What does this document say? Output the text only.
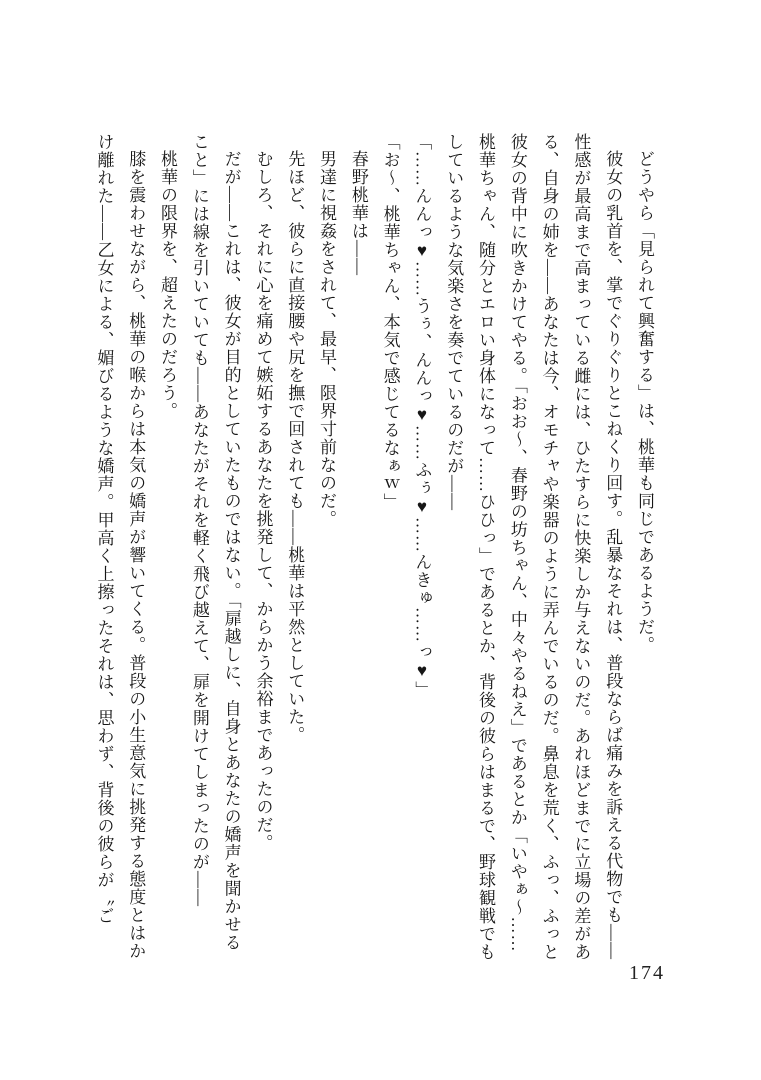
どうやら「見られて興奮する」は、桃華も同じであるようだ。

彼女の乳首を、掌でぐりぐりとこねくり回す。乱暴なそれは、普段ならば痛みを訴える代物でも——性感が最高まで高まっている雌には、ひたすらに快楽しか与えないのだ。あれほどまでに立場の差がある、自身の姉を——あなたは今、オモチャや楽器のように弄んでいるのだ。鼻息を荒く、ふっ、ふっと彼女の背中に吹きかけてやる。「おお〜、春野の坊ちゃん、中々やるねえ」であるとか「いやぁ〜……桃華ちゃん、随分とエロい身体になって……ひひっ」であるとか、背後の彼らはまるで、野球観戦でもしているような気楽さを奏でているのだが——

「……んんっ♥……うぅ、んんっ♥……ふぅ♥……んきゅ……っ♥」

「お〜、桃華ちゃん、本気で感じてるなぁｗ」

春野桃華は——

男達に視姦をされて、最早、限界寸前なのだ。

先ほど、彼らに直接腰や尻を撫で回されても——桃華は平然としていた。

むしろ、それに心を痛めて嫉妬するあなたを挑発して、からかう余裕まであったのだ。

だが——これは、彼女が目的としていたものではない。「扉越しに、自身とあなたの嬌声を聞かせること」には線を引いていても——あなたがそれを軽く飛び越えて、扉を開けてしまったのが——

桃華の限界を、超えたのだろう。

膝を震わせながら、桃華の喉からは本気の嬌声が響いてくる。普段の小生意気に挑発する態度とはかけ離れた——乙女による、媚びるような嬌声。甲高く上擦ったそれは、思わず、背後の彼らが〝ご

174
